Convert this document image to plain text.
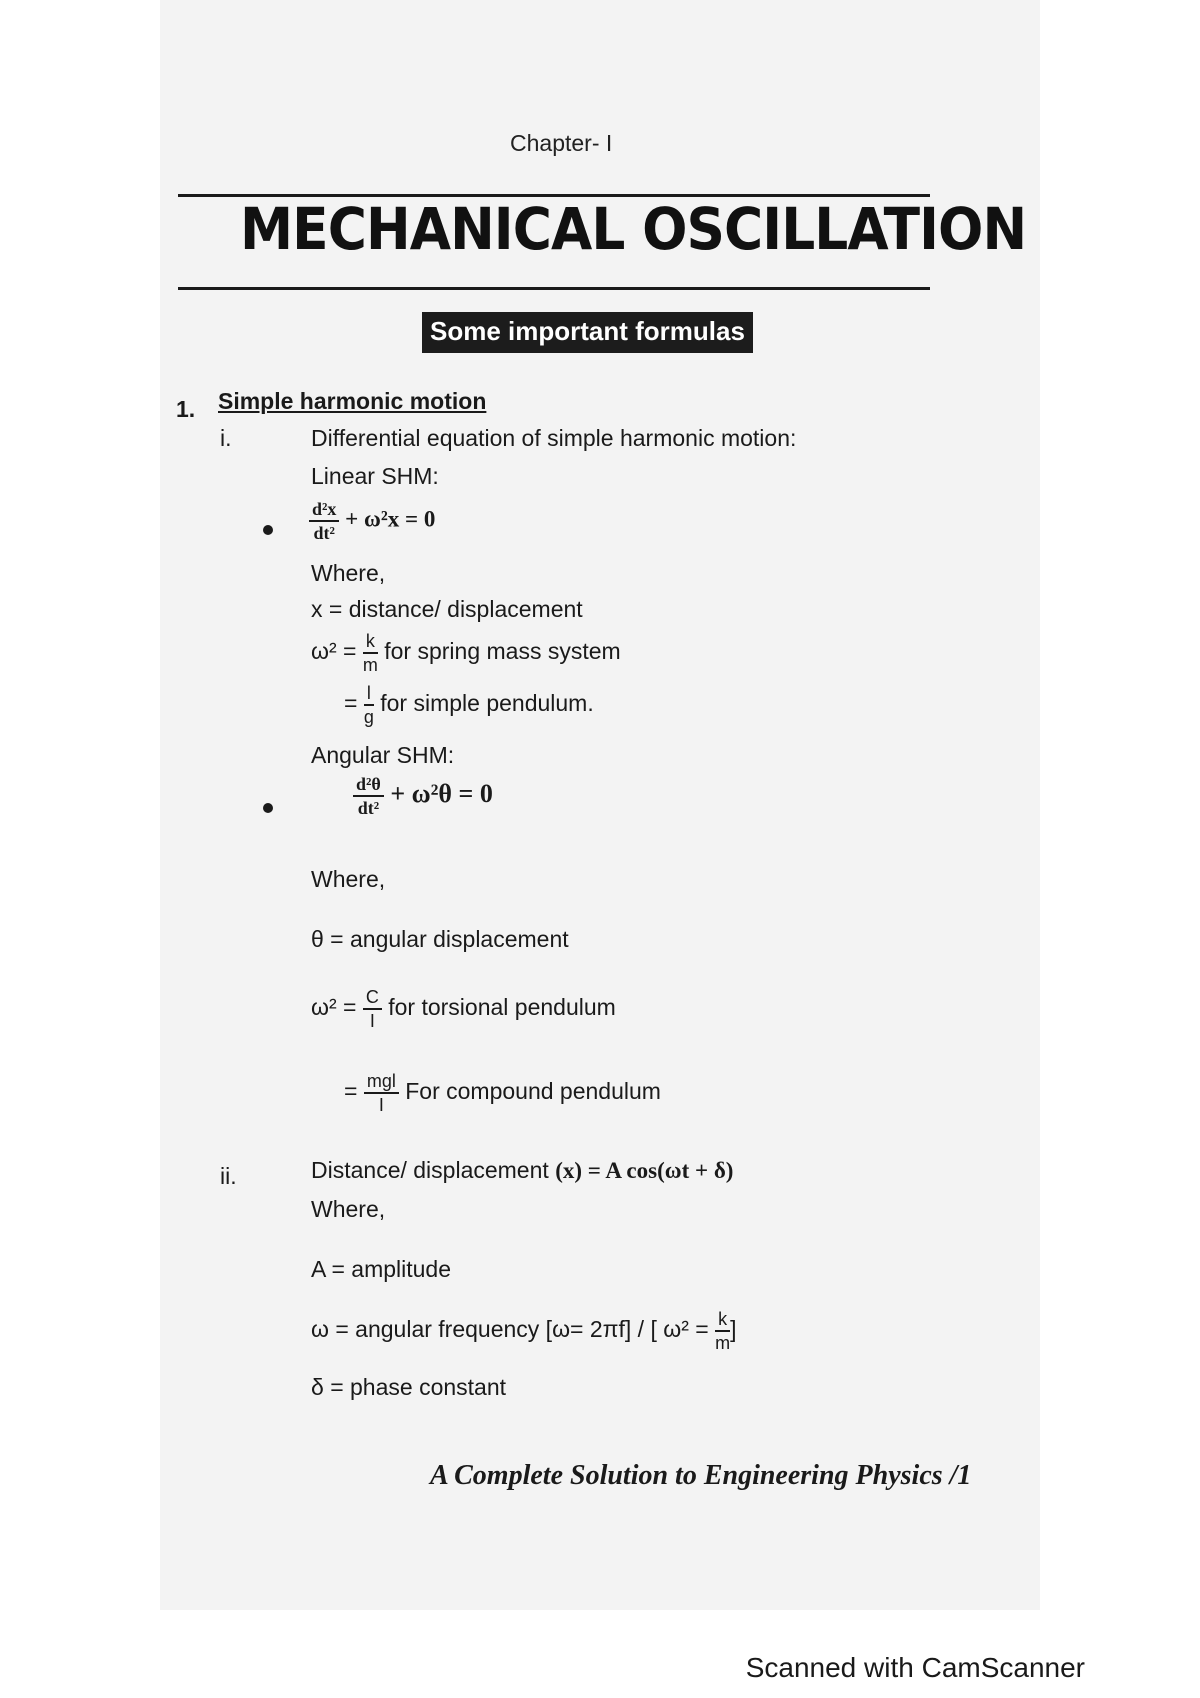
Chapter- I
MECHANICAL OSCILLATION
Some important formulas
1. Simple harmonic motion
i.	Differential equation of simple harmonic motion:
Linear SHM:
$\frac{\text{d²x}}{\text{dt²}} + \omega^2x = 0$
Where,
x = distance/ displacement
$\omega^2 = \frac{k}{m}$ for spring mass system
= $\frac{l}{g}$ for simple pendulum.
Angular SHM:
$\frac{\text{d²θ}}{\text{dt²}} + \omega^2\theta = 0$
Where,
θ = angular displacement
$\omega^2 = \frac{C}{I}$ for torsional pendulum
= $\frac{\text{mgl}}{I}$ For compound pendulum
ii.	Distance/ displacement (x) = A cos(ωt + δ)
Where,
A = amplitude
ω = angular frequency [ω= 2πf] / [ $\omega^2 = \frac{k}{m}$ ]
δ = phase constant
A Complete Solution to Engineering Physics /1
Scanned with CamScanner
